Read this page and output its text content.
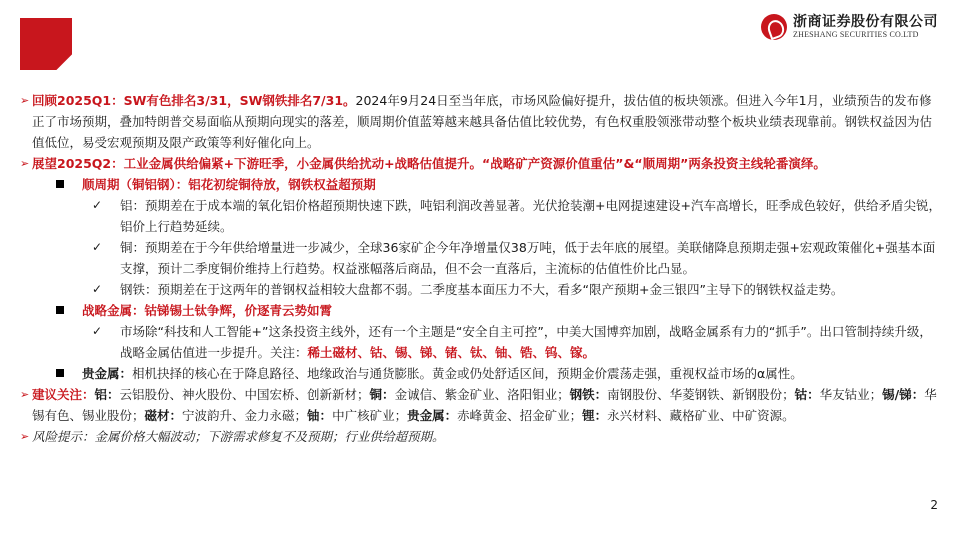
浙商证券股份有限公司
ZHESHANG SECURITIES CO.LTD
➢ 回顾2025Q1：SW有色排名3/31，SW钢铁排名7/31。2024年9月24日至当年底，市场风险偏好提升，拔估值的板块领涨。但进入今年1月，业绩预告的发布修正了市场预期，叠加特朗普交易面临从预期向现实的落差，顺周期价值蓝筹越来越具备估值比较优势，有色权重股领涨带动整个板块业绩表现靠前。钢铁权益因为估值低位，易受宏观预期及限产政策等利好催化向上。
➢ 展望2025Q2：工业金属供给偏紧+下游旺季，小金属供给扰动+战略估值提升。“战略矿产资源价值重估”&“顺周期”两条投资主线轮番演绎。
顺周期（铜铝钢）：铝花初绽铜待放，钢铁权益超预期
✓ 铝：预期差在于成本端的氧化铝价格超预期快速下跌，吨铝利润改善显著。光伏抢装潮+电网提速建设+汽车高增长，旺季成色较好，供给矛盾尖锐，铝价上行趋势延续。
✓ 铜：预期差在于今年供给增量进一步减少，全球36家矿企今年净增量仅38万吨，低于去年底的展望。美联储降息预期走强+宏观政策催化+强基本面支撑，预计二季度铜价维持上行趋势。权益涨幅落后商品，但不会一直落后，主流标的估值性价比凸显。
✓ 钢铁：预期差在于这两年的普钢权益相较大盘都不弱。二季度基本面压力不大，看多“限产预期+金三银四”主导下的钢铁权益走势。
战略金属：钴锑锡土钛争辉，价逐青云势如霄
✓ 市场除“科技和人工智能+”这条投资主线外，还有一个主题是“安全自主可控”，中美大国博弈加剧，战略金属系有力的“抓手”。出口管制持续升级，战略金属估值进一步提升。关注：稀土磁材、钴、锡、锑、锗、钛、铀、锆、钨、镓。
贵金属：相机抉择的核心在于降息路径、地缘政治与通货膨胀。黄金或仍处舒适区间，预期金价震荡走强，重视权益市场的α属性。
➢ 建议关注：铝：云铝股份、神火股份、中国宏桥、创新新材；铜：金诚信、紫金矿业、洛阳钼业；钢铁：南钢股份、华菱钢铁、新钢股份；钴：华友钴业；锡/锑：华锡有色、锡业股份；磁材：宁波韵升、金力永磁；铀：中广核矿业；贵金属：赤峰黄金、招金矿业；锂：永兴材料、藏格矿业、中矿资源。
➢ 风险提示：金属价格大幅波动；下游需求修复不及预期；行业供给超预期。
2
